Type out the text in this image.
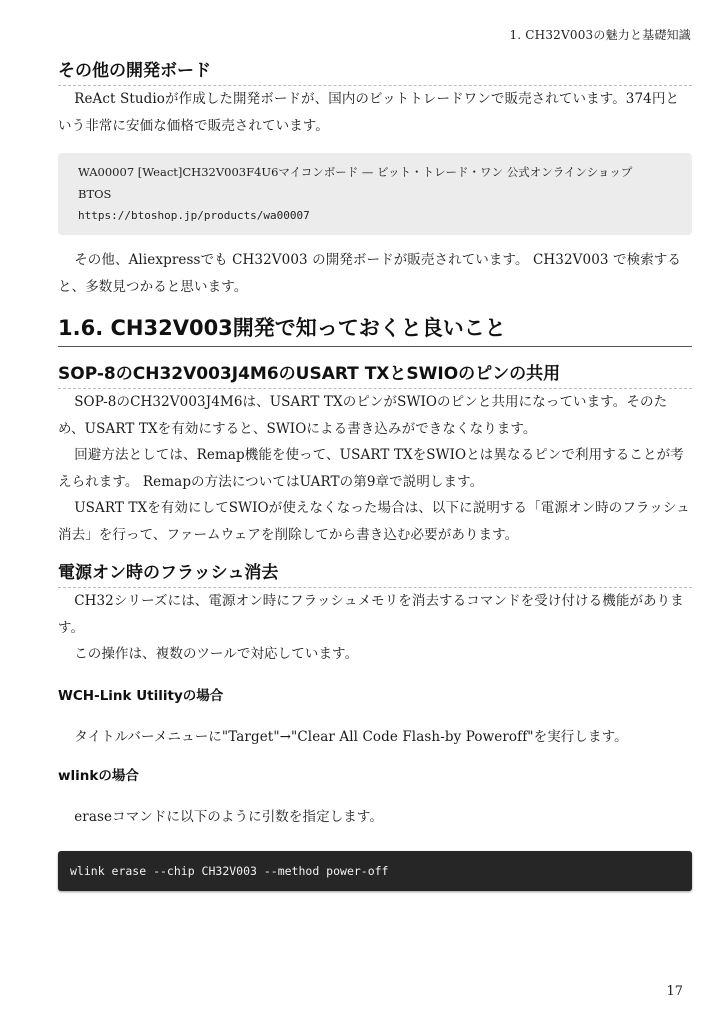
1. CH32V003の魅力と基礎知識
その他の開発ボード

ReAct Studioが作成した開発ボードが、国内のビットトレードワンで販売されています。374円という非常に安価な価格で販売されています。

WA00007 [Weact]CH32V003F4U6マイコンボード — ビット・トレード・ワン 公式オンラインショップ
BTOS
https://btoshop.jp/products/wa00007

その他、Aliexpressでも CH32V003 の開発ボードが販売されています。 CH32V003 で検索すると、多数見つかると思います。

1.6. CH32V003開発で知っておくと良いこと
SOP-8のCH32V003J4M6のUSART TXとSWIOのピンの共用

SOP-8のCH32V003J4M6は、USART TXのピンがSWIOのピンと共用になっています。そのため、USART TXを有効にすると、SWIOによる書き込みができなくなります。

回避方法としては、Remap機能を使って、USART TXをSWIOとは異なるピンで利用することが考えられます。 Remapの方法についてはUARTの第9章で説明します。

USART TXを有効にしてSWIOが使えなくなった場合は、以下に説明する「電源オン時のフラッシュ消去」を行って、ファームウェアを削除してから書き込む必要があります。

電源オン時のフラッシュ消去

CH32シリーズには、電源オン時にフラッシュメモリを消去するコマンドを受け付ける機能があります。

この操作は、複数のツールで対応しています。

WCH-Link Utilityの場合

タイトルバーメニューに"Target"→"Clear All Code Flash-by Poweroff"を実行します。

wlinkの場合

eraseコマンドに以下のように引数を指定します。

wlink erase --chip CH32V003 --method power-off
17
